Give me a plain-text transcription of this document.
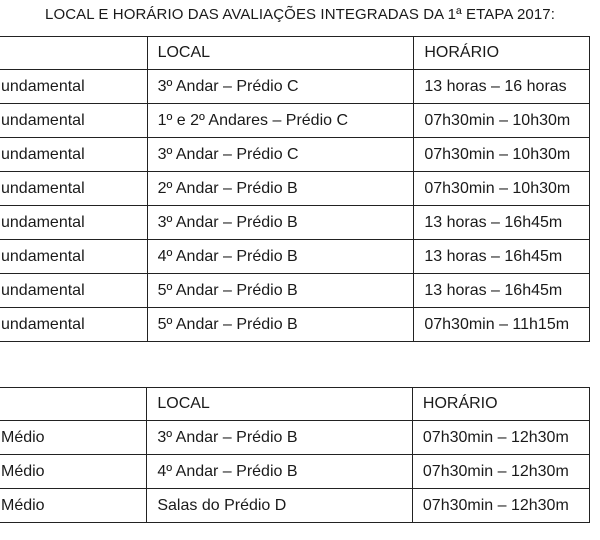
LOCAL E HORÁRIO DAS AVALIAÇÕES INTEGRADAS DA 1ª ETAPA 2017:
	LOCAL	HORÁRIO
undamental	3º Andar – Prédio C	13 horas – 16 horas
undamental	1º e 2º Andares – Prédio C	07h30min – 10h30m
undamental	3º Andar – Prédio C	07h30min – 10h30m
undamental	2º Andar – Prédio B	07h30min – 10h30m
undamental	3º Andar – Prédio B	13 horas – 16h45m
undamental	4º Andar – Prédio B	13 horas – 16h45m
undamental	5º Andar – Prédio B	13 horas – 16h45m
undamental	5º Andar – Prédio B	07h30min – 11h15m
	LOCAL	HORÁRIO
Médio	3º Andar – Prédio B	07h30min – 12h30m
Médio	4º Andar – Prédio B	07h30min – 12h30m
Médio	Salas do Prédio D	07h30min – 12h30m
